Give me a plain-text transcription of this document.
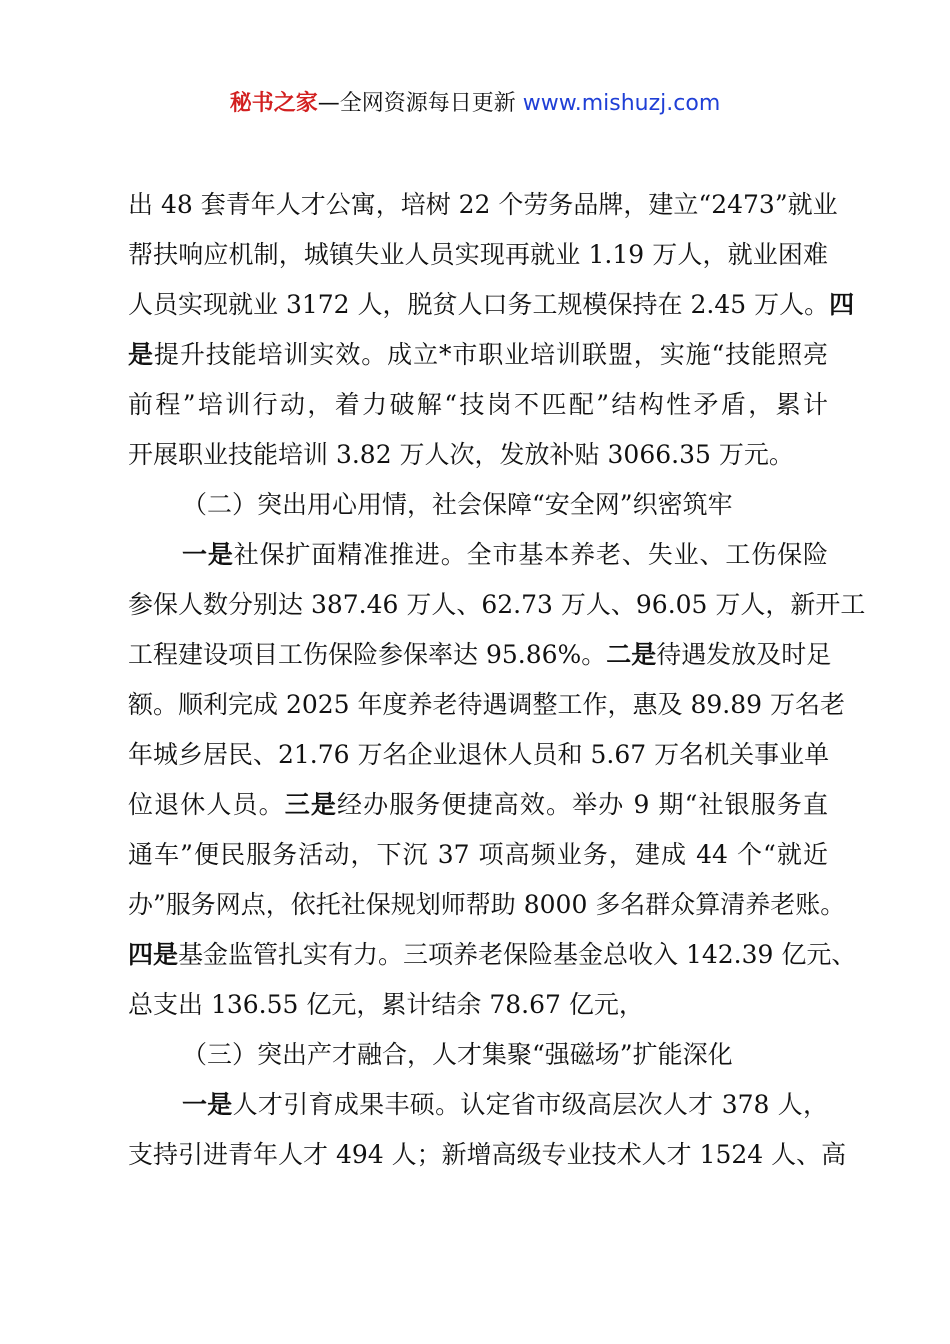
秘书之家—全网资源每日更新 www.mishuzj.com
出 48 套青年人才公寓，培树 22 个劳务品牌，建立“2473”就业
帮扶响应机制，城镇失业人员实现再就业 1.19 万人，就业困难
人员实现就业 3172 人，脱贫人口务工规模保持在 2.45 万人。四
是提升技能培训实效。成立*市职业培训联盟，实施“技能照亮
前程”培训行动，着力破解“技岗不匹配”结构性矛盾，累计
开展职业技能培训 3.82 万人次，发放补贴 3066.35 万元。
（二）突出用心用情，社会保障“安全网”织密筑牢
一是社保扩面精准推进。全市基本养老、失业、工伤保险
参保人数分别达 387.46 万人、62.73 万人、96.05 万人，新开工
工程建设项目工伤保险参保率达 95.86%。二是待遇发放及时足
额。顺利完成 2025 年度养老待遇调整工作，惠及 89.89 万名老
年城乡居民、21.76 万名企业退休人员和 5.67 万名机关事业单
位退休人员。三是经办服务便捷高效。举办 9 期“社银服务直
通车”便民服务活动，下沉 37 项高频业务，建成 44 个“就近
办”服务网点，依托社保规划师帮助 8000 多名群众算清养老账。
四是基金监管扎实有力。三项养老保险基金总收入 142.39 亿元、
总支出 136.55 亿元，累计结余 78.67 亿元，
（三）突出产才融合，人才集聚“强磁场”扩能深化
一是人才引育成果丰硕。认定省市级高层次人才 378 人，
支持引进青年人才 494 人；新增高级专业技术人才 1524 人、高
